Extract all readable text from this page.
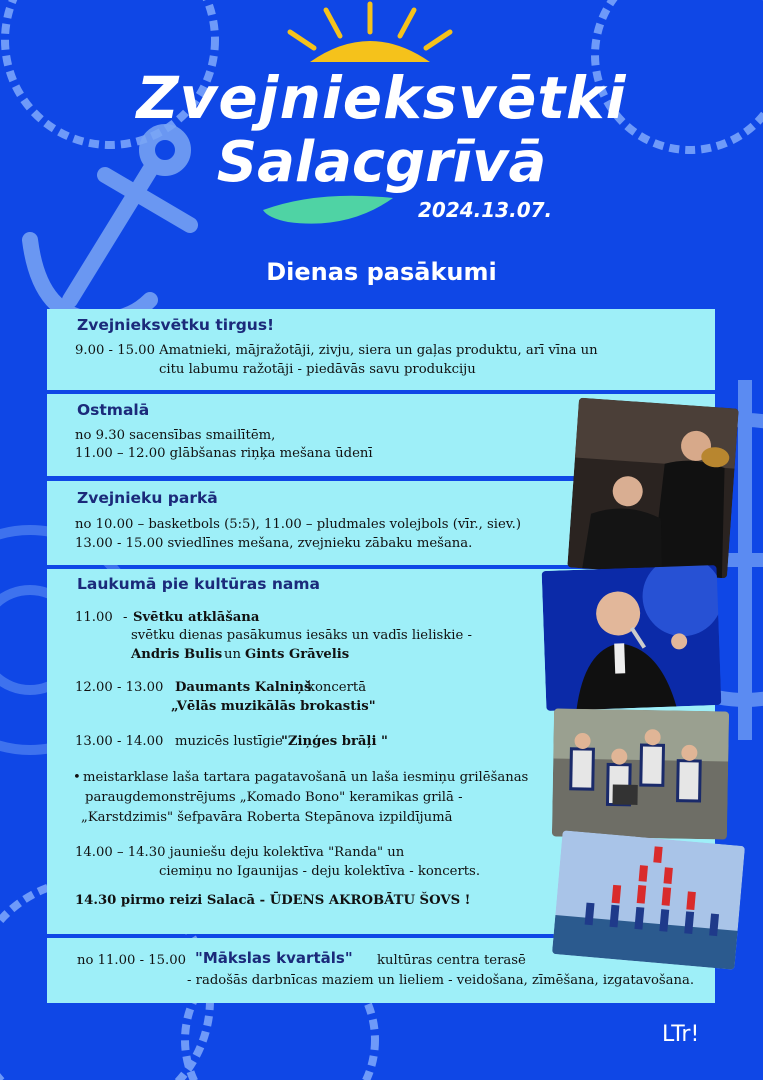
Zvejnieksvētki
Salacgrīvā
2024.13.07.
Dienas pasākumi
Zvejnieksvētku tirgus!
9.00 - 15.00 Amatnieki, mājražotāji, zivju, siera un gaļas produktu, arī vīna un
citu labumu ražotāji - piedāvās savu produkciju
Ostmalā
no 9.30 sacensības smailītēm,
11.00 – 12.00 glābšanas riņķa mešana ūdenī
Zvejnieku parkā
no 10.00 – basketbols (5:5), 11.00 – pludmales volejbols (vīr., siev.)
13.00 - 15.00 sviedlīnes mešana, zvejnieku zābaku mešana.
Laukumā pie kultūras nama
11.00 - Svētku atklāšana
svētku dienas pasākumus iesāks un vadīs lieliskie -
Andris Bulis un Gints Grāvelis
12.00 - 13.00 Daumants Kalniņš
koncertā
„Vēlās muzikālās brokastis"
13.00 - 14.00 muzicēs lustīgie
"Ziņģes brāļi "
• meistarklase laša tartara pagatavošanā un laša iesmiņu grilēšanas
paraugdemonstrējums „Komado Bono" keramikas grilā -
„Karstdzimis" šefpavāra Roberta Stepānova izpildījumā
14.00 – 14.30 jauniešu deju kolektīva "Randa" un
ciemiņu no Igaunijas - deju kolektīva - koncerts.
14.30 pirmo reizi Salacā - ŪDENS AKROBĀTU ŠOVS !
no 11.00 - 15.00 "Mākslas kvartāls" kultūras centra terasē
- radošās darbnīcas maziem un lieliem - veidošana, zīmēšana, izgatavošana.
LTr!
